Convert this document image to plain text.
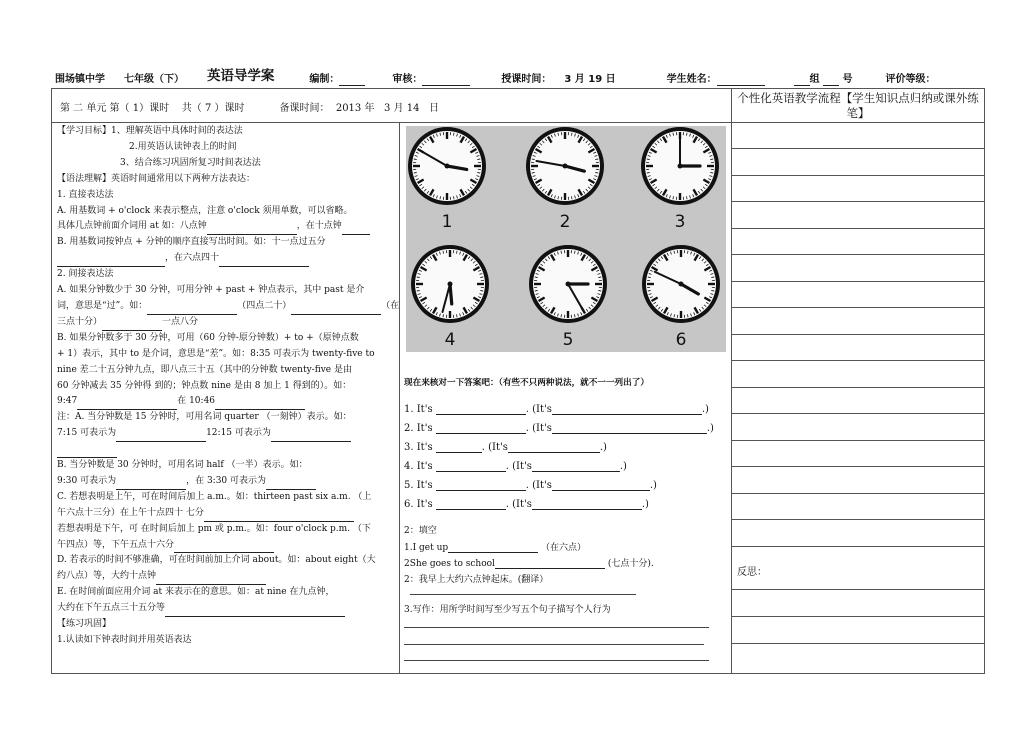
围场镇中学 七年级（下） 英语导学案	编制：	审核：	授课时间： 3 月 19 日	学生姓名：	组 号	评价等级：
第 二 单元 第（ 1）课时    共（ 7 ）课时           备课时间：  2013 年   3 月 14   日
个性化英语教学流程【学生知识点归纳或课外练笔】
反思：
【学习目标】1、理解英语中具体时间的表达法
　　　　　　　　2.用英语认读钟表上的时间
　　　　　　　3、结合练习巩固所复习时间表达法
【语法理解】英语时间通常用以下两种方法表达：
1. 直接表达法
A. 用基数词 + o'clock 来表示整点，注意 o'clock 须用单数，可以省略。
具体几点钟前面介词用 at 如：八点钟	，在十点钟
B. 用基数词按钟点 + 分钟的顺序直接写出时间。如：十一点过五分

，在六点四十
2. 间接表达法
A. 如果分钟数少于 30 分钟，可用分钟 + past + 钟点表示，其中 past 是介
词，意思是“过”。如：	（四点二十）	（在
三点十分）	一点八分
B. 如果分钟数多于 30 分钟，可用（60 分钟-原分钟数）+ to +（原钟点数
+ 1）表示，其中 to 是介词，意思是“差”。如：8:35 可表示为 twenty-five to
nine 差二十五分钟九点，即八点三十五（其中的分钟数 twenty-five 是由
60 分钟减去 35 分钟得 到的；钟点数 nine 是由 8 加上 1 得到的）。如：
9:47	在 10:46
注：A. 当分钟数是 15 分钟时，可用名词 quarter （一刻钟）表示。如：
7:15 可表示为	12:15 可表示为
B. 当分钟数是 30 分钟时，可用名词 half （一半）表示。如：
9:30 可表示为	，在 3:30 可表示为
C. 若想表明是上午，可在时间后加上 a.m.。如：thirteen past six a.m. （上
午六点十三分）在上午十点四十 七分
若想表明是下午，可 在时间后加上 pm 或 p.m.。如：four o'clock p.m. （下
午四点）等，下午五点十六分
D. 若表示的时间不够准确，可在时间前加上介词 about。如：about eight（大
约八点）等，大约十点钟
E. 在时间前面应用介词 at 来表示在的意思。如：at nine 在九点钟，
大约在下午五点三十五分等
【练习巩固】
1.认读如下钟表时间并用英语表达
1	2	3
4	5	6
现在来核对一下答案吧：（有些不只两种说法，就不一一列出了）
1. It's	. (It's	.)
2. It's	. (It's	.)
3. It's	. (It's	.)
4. It's	. (It's	.)
5. It's	. (It's	.)
6. It's	. (It's	.)
2：填空
1.I get up	（在六点）
2She goes to school	(七点十分).
2：我早上大约六点钟起床。(翻译）
3.写作：用所学时间写至少写五个句子描写个人行为
